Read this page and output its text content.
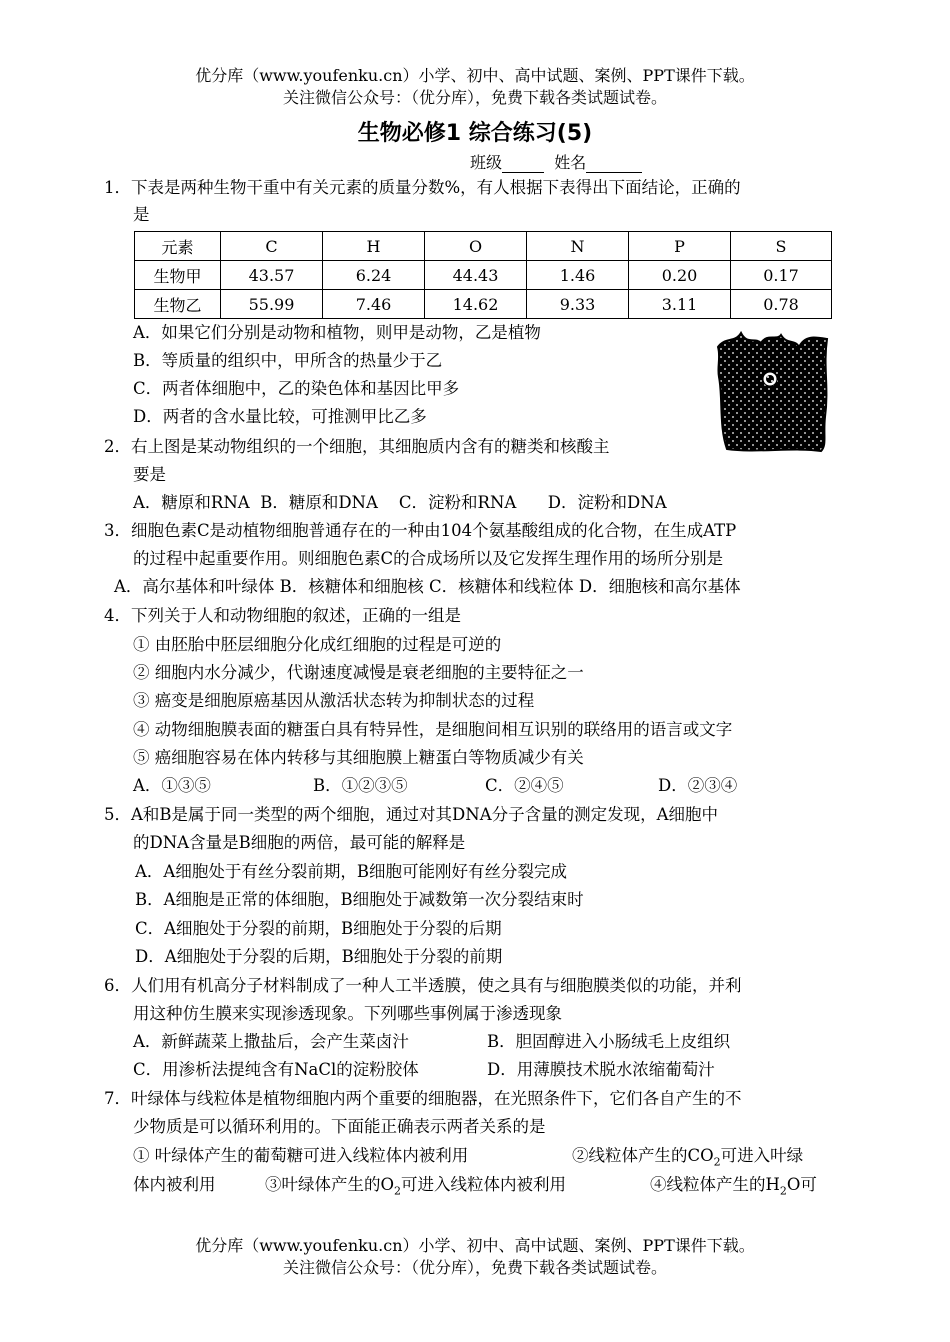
优分库（www.youfenku.cn）小学、初中、高中试题、案例、PPT课件下载。
关注微信公众号：（优分库），免费下载各类试题试卷。
生物必修1 综合练习(5)
班级	姓名
1．下表是两种生物干重中有关元素的质量分数%，有人根据下表得出下面结论，正确的
是
元素	C	H	O	N	P	S
生物甲	43.57	6.24	44.43	1.46	0.20	0.17
生物乙	55.99	7.46	14.62	9.33	3.11	0.78
A．如果它们分别是动物和植物，则甲是动物，乙是植物
B．等质量的组织中，甲所含的热量少于乙
C．两者体细胞中，乙的染色体和基因比甲多
D．两者的含水量比较，可推测甲比乙多
2．右上图是某动物组织的一个细胞，其细胞质内含有的糖类和核酸主
要是
A．糖原和RNA B．糖原和DNA C．淀粉和RNA D．淀粉和DNA
3．细胞色素C是动植物细胞普通存在的一种由104个氨基酸组成的化合物，在生成ATP
的过程中起重要作用。则细胞色素C的合成场所以及它发挥生理作用的场所分别是
A．高尔基体和叶绿体 B．核糖体和细胞核 C．核糖体和线粒体 D．细胞核和高尔基体
4．下列关于人和动物细胞的叙述，正确的一组是
① 由胚胎中胚层细胞分化成红细胞的过程是可逆的
② 细胞内水分减少，代谢速度减慢是衰老细胞的主要特征之一
③ 癌变是细胞原癌基因从激活状态转为抑制状态的过程
④ 动物细胞膜表面的糖蛋白具有特异性，是细胞间相互识别的联络用的语言或文字
⑤ 癌细胞容易在体内转移与其细胞膜上糖蛋白等物质减少有关
A．①③⑤	B．①②③⑤	C．②④⑤	D．②③④
5．A和B是属于同一类型的两个细胞，通过对其DNA分子含量的测定发现，A细胞中
的DNA含量是B细胞的两倍，最可能的解释是
A．A细胞处于有丝分裂前期，B细胞可能刚好有丝分裂完成
B．A细胞是正常的体细胞，B细胞处于减数第一次分裂结束时
C．A细胞处于分裂的前期，B细胞处于分裂的后期
D．A细胞处于分裂的后期，B细胞处于分裂的前期
6．人们用有机高分子材料制成了一种人工半透膜，使之具有与细胞膜类似的功能，并利
用这种仿生膜来实现渗透现象。下列哪些事例属于渗透现象
A．新鲜蔬菜上撒盐后，会产生菜卤汁	B．胆固醇进入小肠绒毛上皮组织
C．用渗析法提纯含有NaCl的淀粉胶体	D．用薄膜技术脱水浓缩葡萄汁
7．叶绿体与线粒体是植物细胞内两个重要的细胞器，在光照条件下，它们各自产生的不
少物质是可以循环利用的。下面能正确表示两者关系的是
① 叶绿体产生的葡萄糖可进入线粒体内被利用	②线粒体产生的$CO_2$可进入叶绿
体内被利用	③叶绿体产生的$O_2$可进入线粒体内被利用	④线粒体产生的$H_2O$可
优分库（www.youfenku.cn）小学、初中、高中试题、案例、PPT课件下载。
关注微信公众号：（优分库），免费下载各类试题试卷。
